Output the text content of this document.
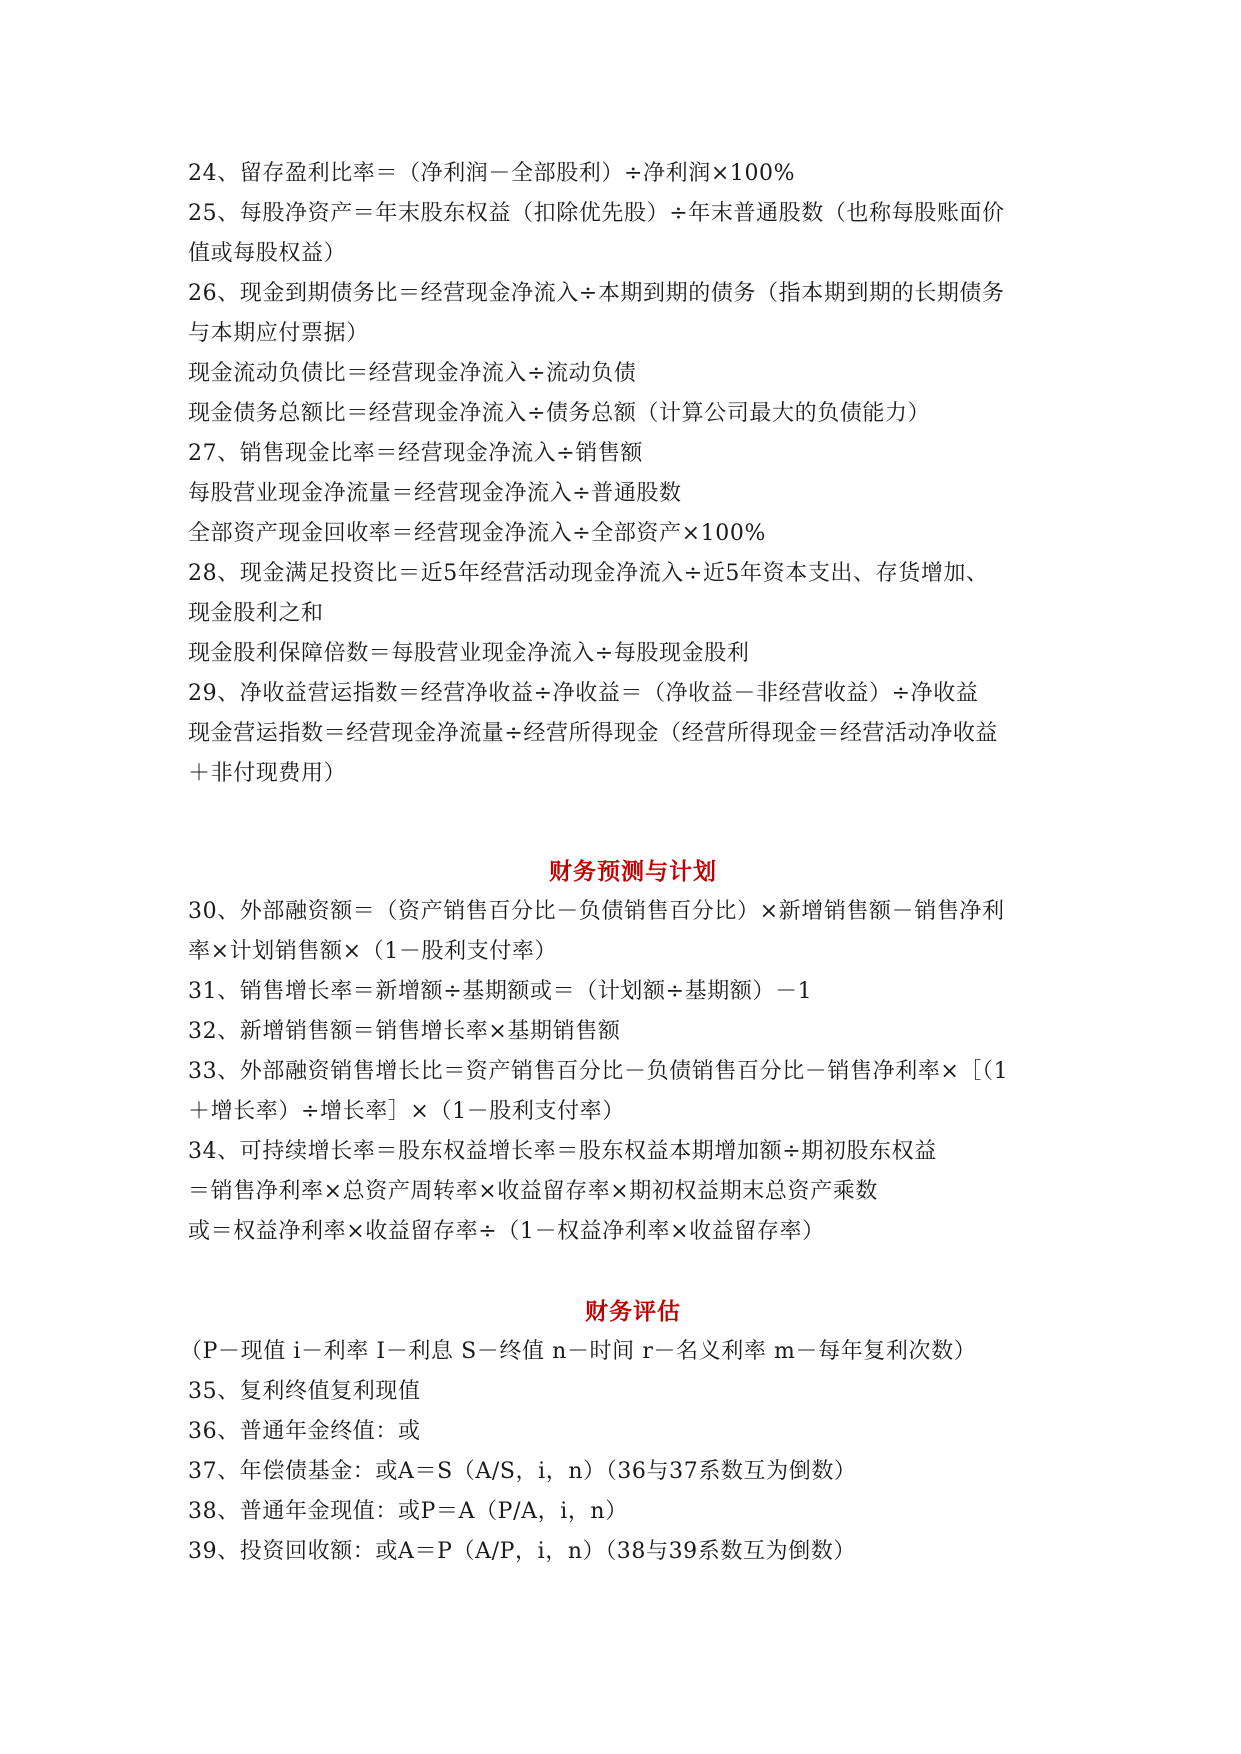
24、留存盈利比率＝（净利润－全部股利）÷净利润×100%
25、每股净资产＝年末股东权益（扣除优先股）÷年末普通股数（也称每股账面价
值或每股权益）
26、现金到期债务比＝经营现金净流入÷本期到期的债务（指本期到期的长期债务
与本期应付票据）
现金流动负债比＝经营现金净流入÷流动负债
现金债务总额比＝经营现金净流入÷债务总额（计算公司最大的负债能力）
27、销售现金比率＝经营现金净流入÷销售额
每股营业现金净流量＝经营现金净流入÷普通股数
全部资产现金回收率＝经营现金净流入÷全部资产×100%
28、现金满足投资比＝近5年经营活动现金净流入÷近5年资本支出、存货增加、
现金股利之和
现金股利保障倍数＝每股营业现金净流入÷每股现金股利
29、净收益营运指数＝经营净收益÷净收益＝（净收益－非经营收益）÷净收益
现金营运指数＝经营现金净流量÷经营所得现金（经营所得现金＝经营活动净收益
＋非付现费用）
财务预测与计划
30、外部融资额＝（资产销售百分比－负债销售百分比）×新增销售额－销售净利
率×计划销售额×（1－股利支付率）
31、销售增长率＝新增额÷基期额或＝（计划额÷基期额）－1
32、新增销售额＝销售增长率×基期销售额
33、外部融资销售增长比＝资产销售百分比－负债销售百分比－销售净利率×［（1
＋增长率）÷增长率］×（1－股利支付率）
34、可持续增长率＝股东权益增长率＝股东权益本期增加额÷期初股东权益
＝销售净利率×总资产周转率×收益留存率×期初权益期末总资产乘数
或＝权益净利率×收益留存率÷（1－权益净利率×收益留存率）
财务评估
（P－现值 i－利率 I－利息 S－终值 n－时间 r－名义利率 m－每年复利次数）
35、复利终值复利现值
36、普通年金终值：或
37、年偿债基金：或A＝S（A/S，i，n）（36与37系数互为倒数）
38、普通年金现值：或P＝A（P/A，i，n）
39、投资回收额：或A＝P（A/P，i，n）（38与39系数互为倒数）
